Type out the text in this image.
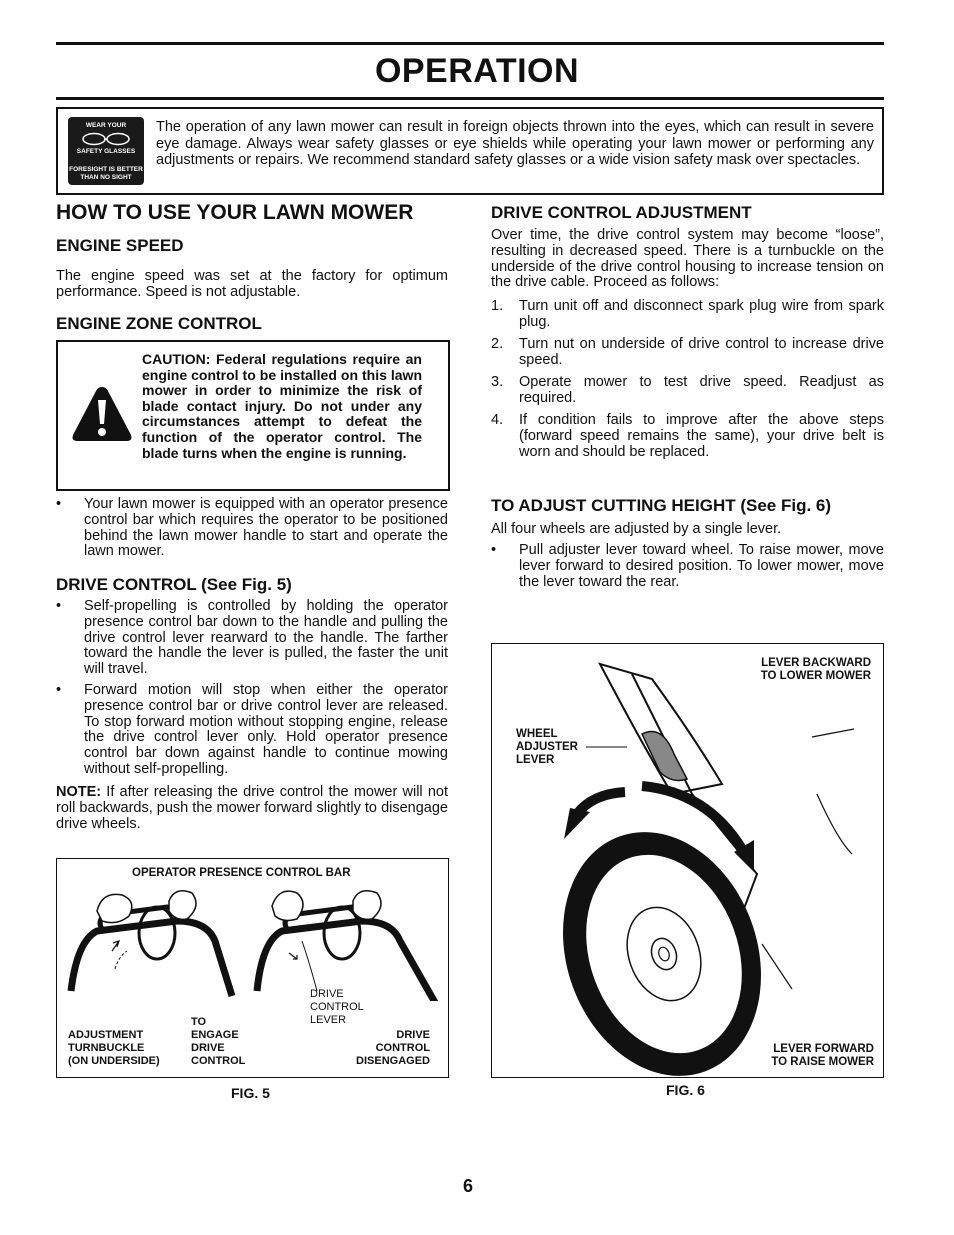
OPERATION
WEAR YOUR
SAFETY GLASSES
FORESIGHT IS BETTER
THAN NO SIGHT
The operation of any lawn mower can result in foreign objects thrown into the eyes, which can result in severe eye damage. Always wear safety glasses or eye shields while operating your lawn mower or performing any adjustments or repairs. We recommend standard safety glasses or a wide vision safety mask over spectacles.
HOW TO USE YOUR LAWN MOWER
ENGINE SPEED
The engine speed was set at the factory for optimum performance. Speed is not adjustable.
ENGINE ZONE CONTROL
CAUTION: Federal regulations require an engine control to be installed on this lawn mower in order to minimize the risk of blade contact injury. Do not under any circumstances attempt to defeat the function of the operator control. The blade turns when the engine is running.
• Your lawn mower is equipped with an operator presence control bar which requires the operator to be positioned behind the lawn mower handle to start and operate the lawn mower.
DRIVE CONTROL (See Fig. 5)
• Self-propelling is controlled by holding the operator presence control bar down to the handle and pulling the drive control lever rearward to the handle. The farther toward the handle the lever is pulled, the faster the unit will travel.
• Forward motion will stop when either the operator presence control bar or drive control lever are released. To stop forward motion without stopping engine, release the drive control lever only. Hold operator presence control bar down against handle to continue mowing without self-propelling.
NOTE: If after releasing the drive control the mower will not roll backwards, push the mower forward slightly to disengage drive wheels.
OPERATOR PRESENCE CONTROL BAR
ADJUSTMENT
TURNBUCKLE
(ON UNDERSIDE)
TO
ENGAGE
DRIVE
CONTROL
DRIVE
CONTROL
LEVER
DRIVE
CONTROL
DISENGAGED
FIG. 5
DRIVE CONTROL ADJUSTMENT
Over time, the drive control system may become “loose”, resulting in decreased speed. There is a turnbuckle on the underside of the drive control housing to increase tension on the drive cable. Proceed as follows:
1. Turn unit off and disconnect spark plug wire from spark plug.
2. Turn nut on underside of drive control to increase drive speed.
3. Operate mower to test drive speed. Readjust as required.
4. If condition fails to improve after the above steps (forward speed remains the same), your drive belt is worn and should be replaced.
TO ADJUST CUTTING HEIGHT (See Fig. 6)
All four wheels are adjusted by a single lever.
• Pull adjuster lever toward wheel. To raise mower, move lever forward to desired position. To lower mower, move the lever toward the rear.
LEVER BACKWARD
TO LOWER MOWER
WHEEL
ADJUSTER
LEVER
LEVER FORWARD
TO RAISE MOWER
FIG. 6
6
